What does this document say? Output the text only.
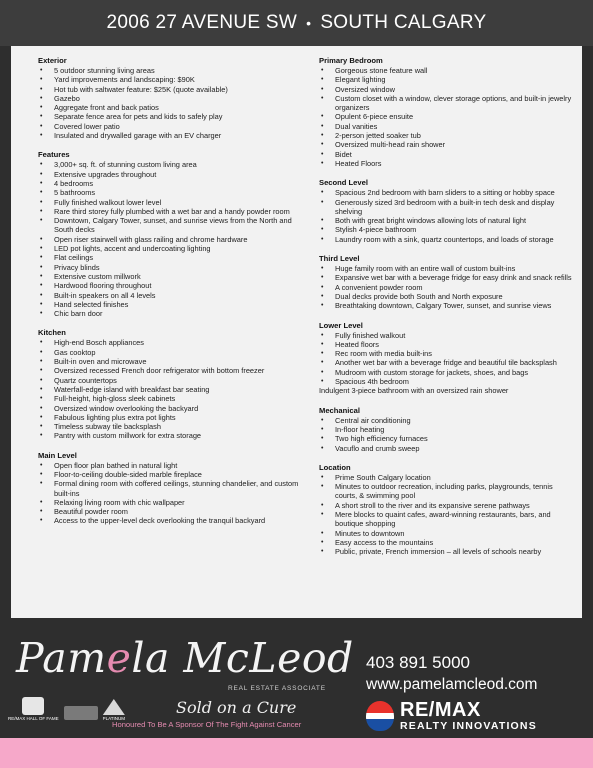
2006 27 AVENUE SW • SOUTH CALGARY
Exterior
• 5 outdoor stunning living areas
• Yard improvements and landscaping: $90K
• Hot tub with saltwater feature: $25K (quote available)
• Gazebo
• Aggregate front and back patios
• Separate fence area for pets and kids to safely play
• Covered lower patio
• Insulated and drywalled garage with an EV charger
Features
• 3,000+ sq. ft. of stunning custom living area
• Extensive upgrades throughout
• 4 bedrooms
• 5 bathrooms
• Fully finished walkout lower level
• Rare third storey fully plumbed with a wet bar and a handy powder room
• Downtown, Calgary Tower, sunset, and sunrise views from the North and South decks
• Open riser stairwell with glass railing and chrome hardware
• LED pot lights, accent and undercoating lighting
• Flat ceilings
• Privacy blinds
• Extensive custom millwork
• Hardwood flooring throughout
• Built-in speakers on all 4 levels
• Hand selected finishes
• Chic barn door
Kitchen
• High-end Bosch appliances
• Gas cooktop
• Built-in oven and microwave
• Oversized recessed French door refrigerator with bottom freezer
• Quartz countertops
• Waterfall-edge island with breakfast bar seating
• Full-height, high-gloss sleek cabinets
• Oversized window overlooking the backyard
• Fabulous lighting plus extra pot lights
• Timeless subway tile backsplash
• Pantry with custom millwork for extra storage
Main Level
• Open floor plan bathed in natural light
• Floor-to-ceiling double-sided marble fireplace
• Formal dining room with coffered ceilings, stunning chandelier, and custom built-ins
• Relaxing living room with chic wallpaper
• Beautiful powder room
• Access to the upper-level deck overlooking the tranquil backyard
Primary Bedroom
• Gorgeous stone feature wall
• Elegant lighting
• Oversized window
• Custom closet with a window, clever storage options, and built-in jewelry organizers
• Opulent 6-piece ensuite
• Dual vanities
• 2-person jetted soaker tub
• Oversized multi-head rain shower
• Bidet
• Heated Floors
Second Level
• Spacious 2nd bedroom with barn sliders to a sitting or hobby space
• Generously sized 3rd bedroom with a built-in tech desk and display shelving
• Both with great bright windows allowing lots of natural light
• Stylish 4-piece bathroom
• Laundry room with a sink, quartz countertops, and loads of storage
Third Level
• Huge family room with an entire wall of custom built-ins
• Expansive wet bar with a beverage fridge for easy drink and snack refills
• A convenient powder room
• Dual decks provide both South and North exposure
• Breathtaking downtown, Calgary Tower, sunset, and sunrise views
Lower Level
• Fully finished walkout
• Heated floors
• Rec room with media built-ins
• Another wet bar with a beverage fridge and beautiful tile backsplash
• Mudroom with custom storage for jackets, shoes, and bags
• Spacious 4th bedroom

Indulgent 3-piece bathroom with an oversized rain shower

Mechanical
• Central air conditioning
• In-floor heating
• Two high efficiency furnaces
• Vacuflo and crumb sweep
Location
• Prime South Calgary location
• Minutes to outdoor recreation, including parks, playgrounds, tennis courts, & swimming pool
• A short stroll to the river and its expansive serene pathways
• Mere blocks to quaint cafes, award-winning restaurants, bars, and boutique shopping
• Minutes to downtown
• Easy access to the mountains
• Public, private, French immersion – all levels of schools nearby
Pamela McLeod
REAL ESTATE ASSOCIATE
Sold on a Cure
Honoured To Be A Sponsor Of The Fight Against Cancer
403 891 5000
www.pamelamcleod.com
RE/MAX HALL OF FAME	PLATINUM	RE/MAX
REALTY INNOVATIONS
